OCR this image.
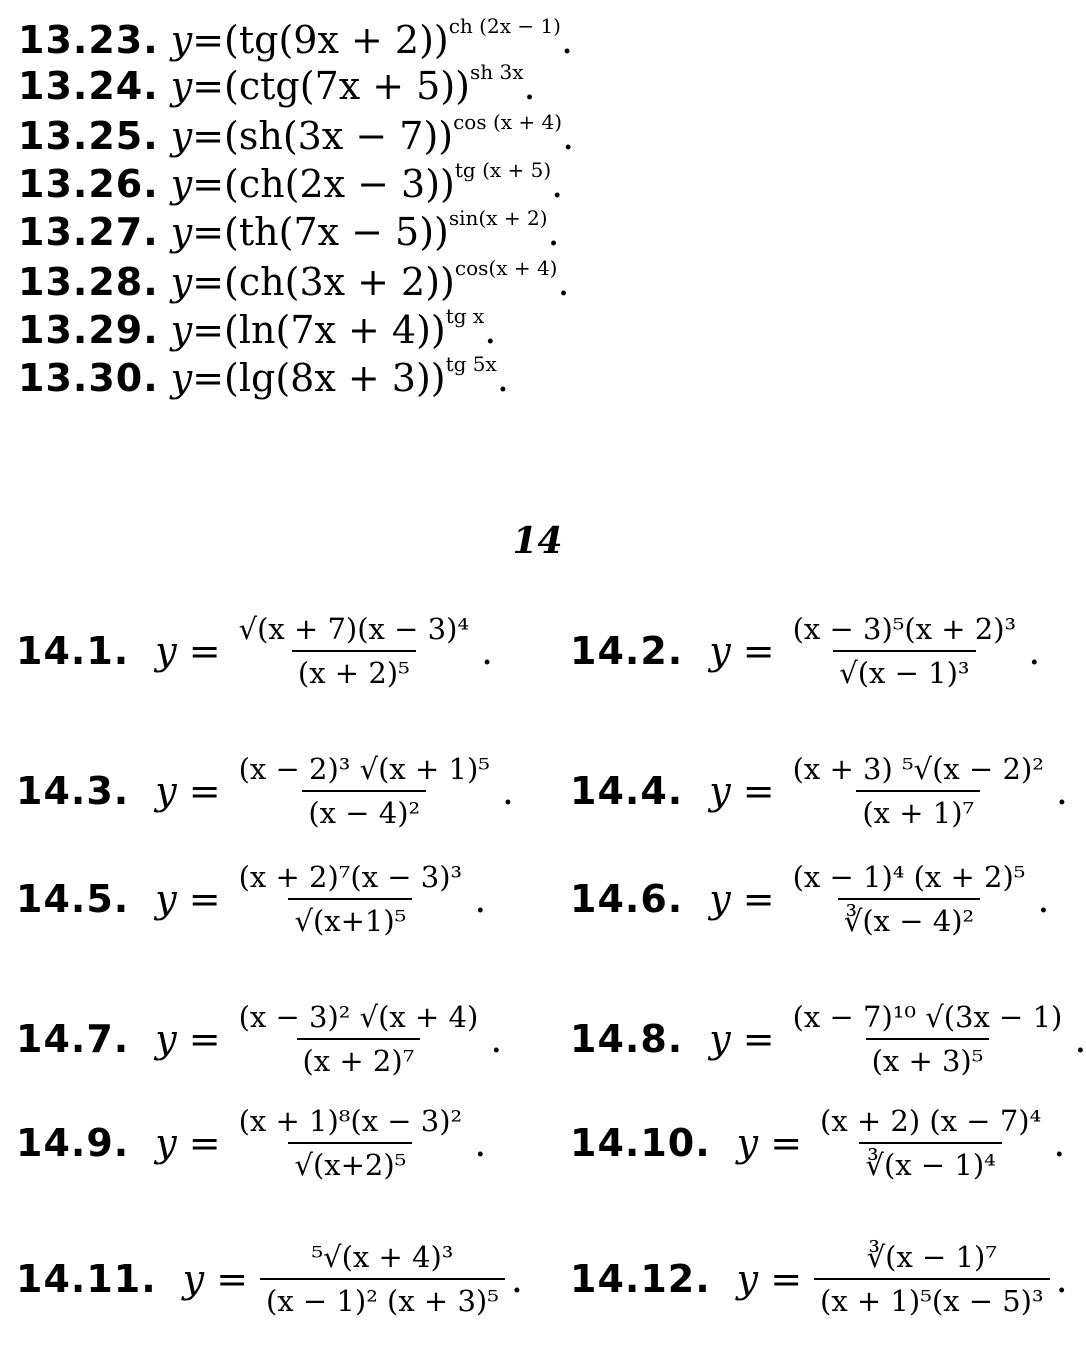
13.23. $y=(tg(9x + 2))^{ch (2x - 1)}$.
13.24. $y=(ctg(7x + 5))^{sh 3x}$.
13.25. $y=(sh(3x - 7))^{cos (x + 4)}$.
13.26. $y=(ch(2x - 3))^{tg (x + 5)}$.
13.27. $y=(th(7x - 5))^{sin(x + 2)}$.
13.28. $y=(ch(3x + 2))^{cos(x + 4)}$.
13.29. $y=(\ln(7x + 4))^{tg x}$.
13.30. $y=(\lg(8x + 3))^{tg 5x}$.
14
14.1. $y = \frac{\text{√(x + 7)(x − 3)⁴}}{\text{(x + 2)⁵}}$ .
14.3. $y = \frac{\text{(x − 2)³ √(x + 1)⁵}}{\text{(x − 4)²}}$ .
14.5. $y = \frac{\text{(x + 2)⁷(x − 3)³}}{\text{√(x+1)⁵}}$ .
14.7. $y = \frac{\text{(x − 3)² √(x + 4)}}{\text{(x + 2)⁷}}$ .
14.9. $y = \frac{\text{(x + 1)⁸(x − 3)²}}{\text{√(x+2)⁵}}$ .
14.11. $y = \frac{\text{⁵√(x + 4)³}}{\text{(x − 1)² (x + 3)⁵}}$ .
14.2. $y = \frac{\text{(x − 3)⁵(x + 2)³}}{\text{√(x − 1)³}}$ .
14.4. $y = \frac{\text{(x + 3) ⁵√(x − 2)²}}{\text{(x + 1)⁷}}$ .
14.6. $y = \frac{\text{(x − 1)⁴ (x + 2)⁵}}{\text{∛(x − 4)²}}$ .
14.8. $y = \frac{\text{(x − 7)¹⁰ √(3x − 1)}}{\text{(x + 3)⁵}}$ .
14.10. $y = \frac{\text{(x + 2) (x − 7)⁴}}{\text{∛(x − 1)⁴}}$ .
14.12. $y = \frac{\text{∛(x − 1)⁷}}{\text{(x + 1)⁵(x − 5)³}}$ .
